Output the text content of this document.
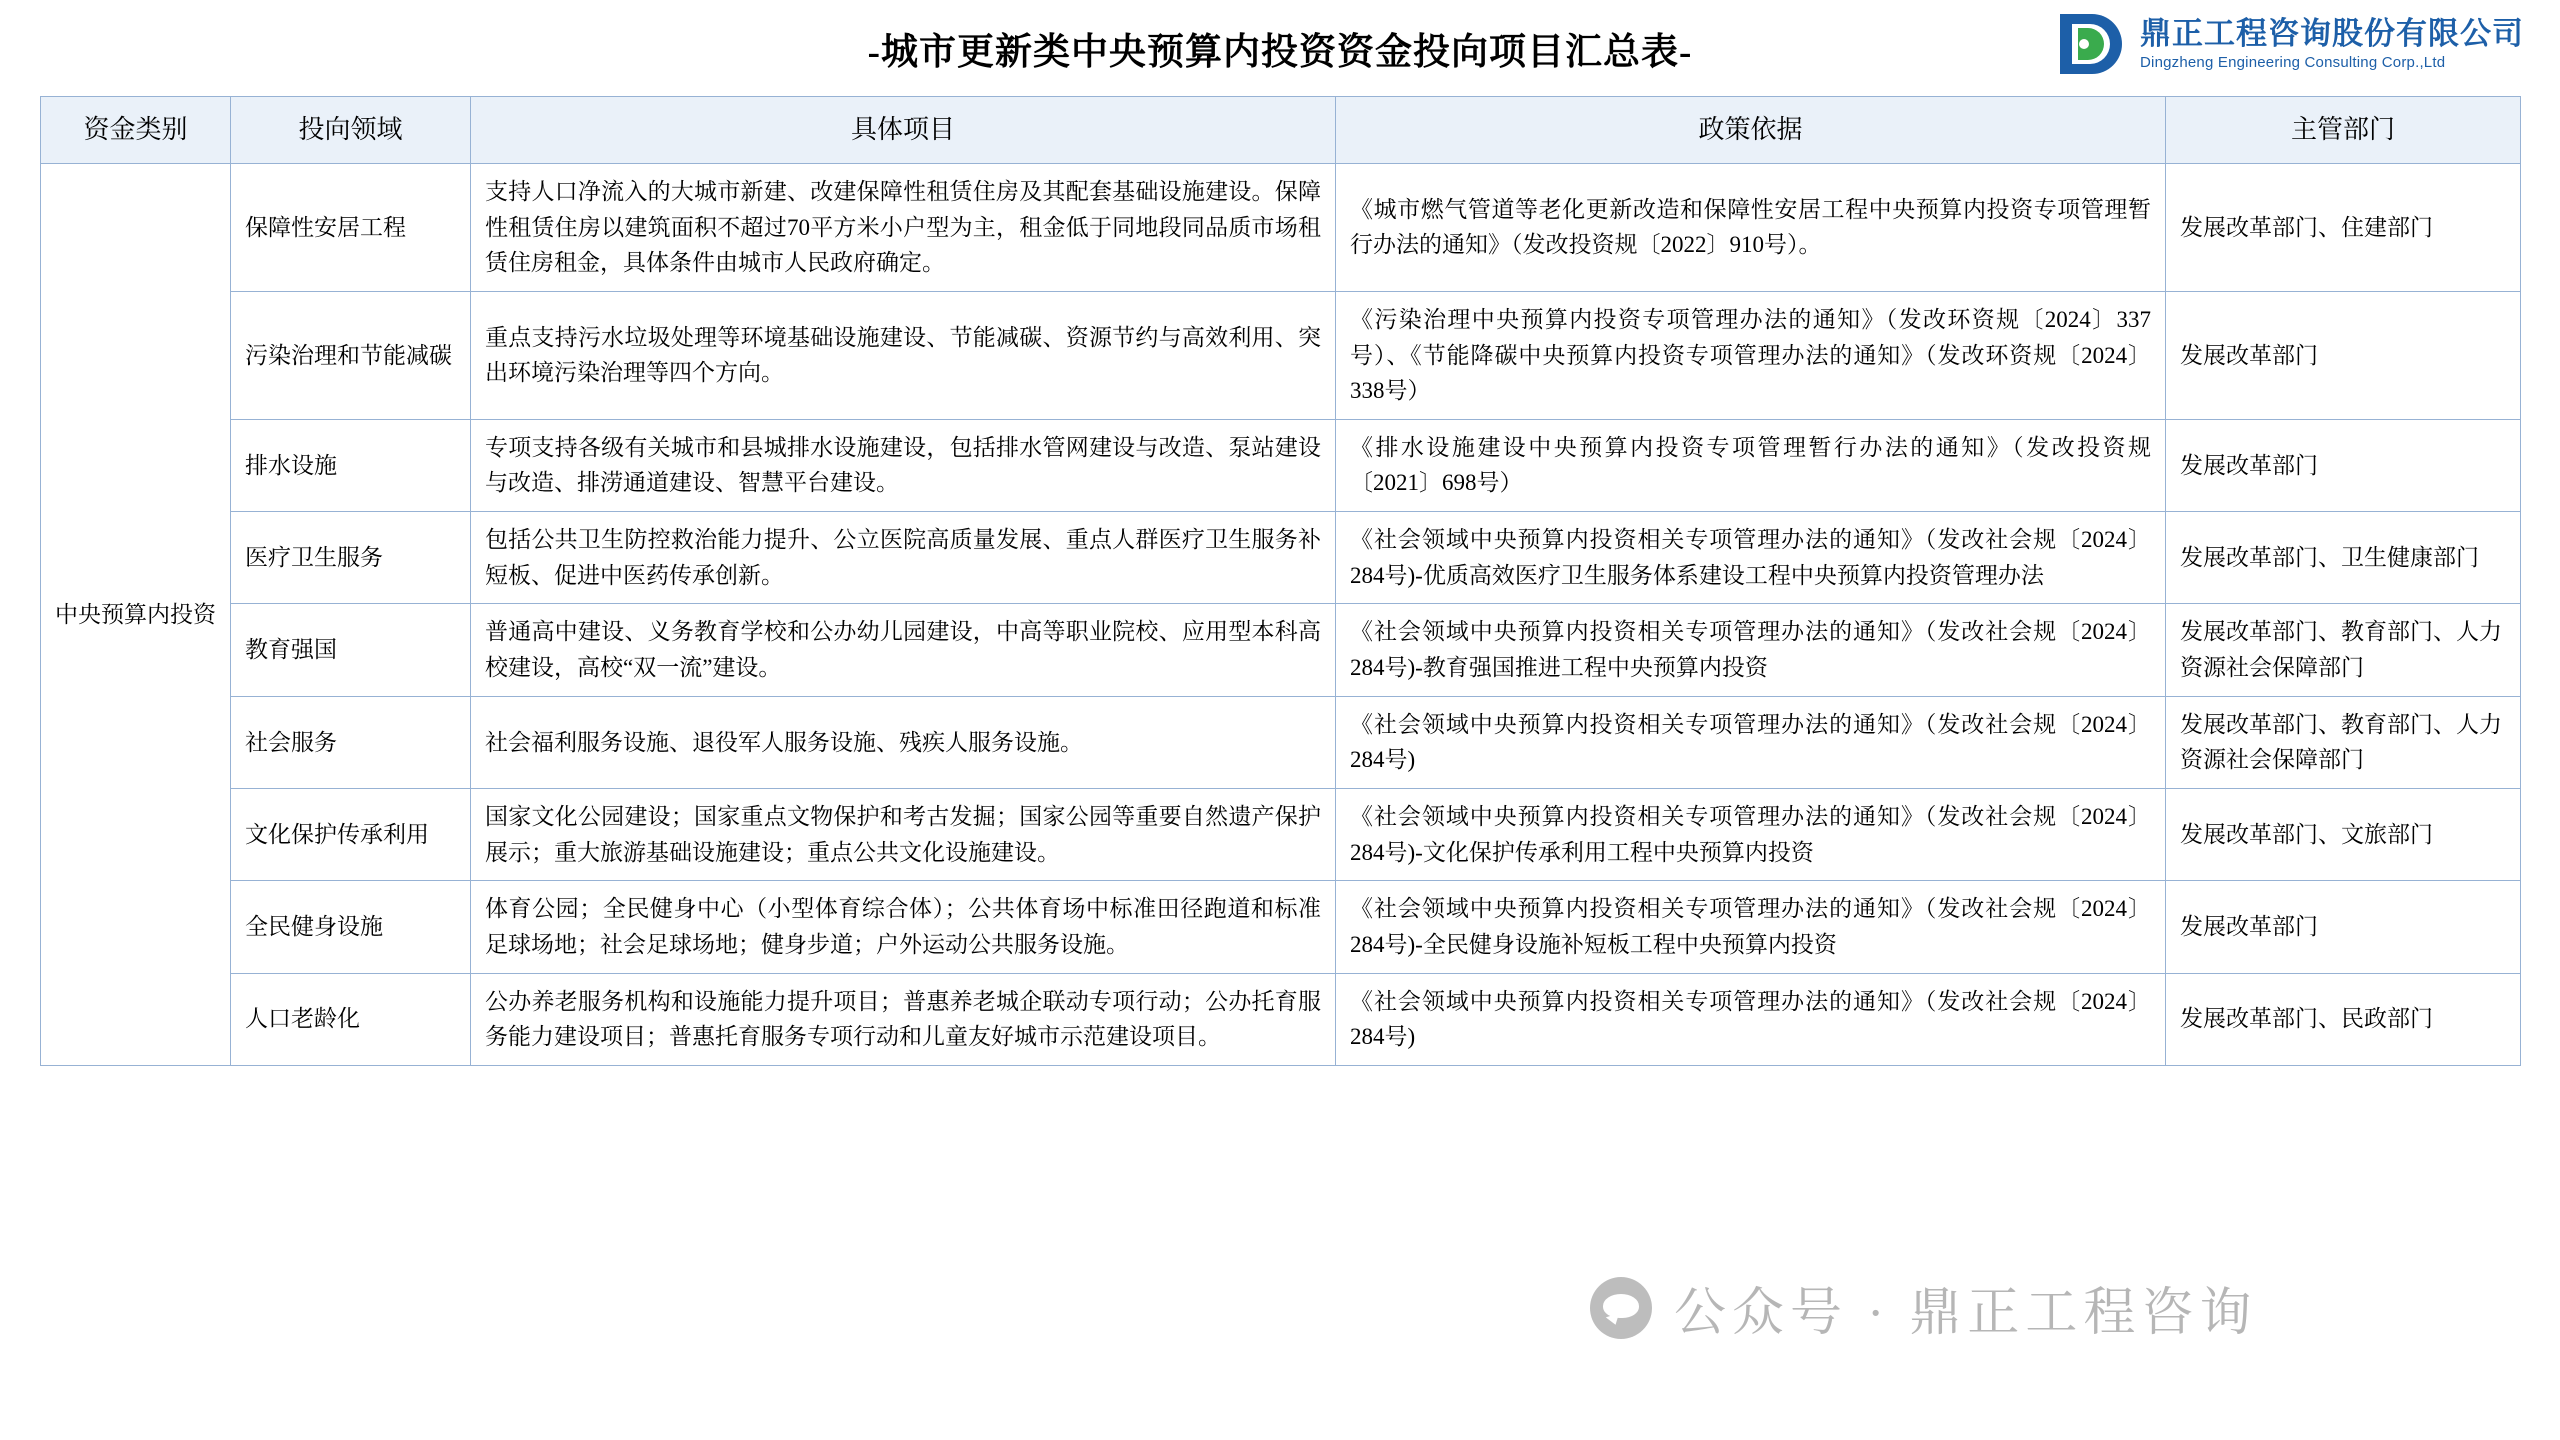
-城市更新类中央预算内投资资金投向项目汇总表-	鼎正工程咨询股份有限公司
Dingzheng Engineering Consulting Corp.,Ltd
资金类别	投向领域	具体项目	政策依据	主管部门
中央预算内投资	保障性安居工程	支持人口净流入的大城市新建、改建保障性租赁住房及其配套基础设施建设。保障性租赁住房以建筑面积不超过70平方米小户型为主，租金低于同地段同品质市场租赁住房租金，具体条件由城市人民政府确定。	《城市燃气管道等老化更新改造和保障性安居工程中央预算内投资专项管理暂行办法的通知》（发改投资规〔2022〕910号）。	发展改革部门、住建部门
	污染治理和节能减碳	重点支持污水垃圾处理等环境基础设施建设、节能减碳、资源节约与高效利用、突出环境污染治理等四个方向。	《污染治理中央预算内投资专项管理办法的通知》（发改环资规〔2024〕337号）、《节能降碳中央预算内投资专项管理办法的通知》（发改环资规〔2024〕338号）	发展改革部门
	排水设施	专项支持各级有关城市和县城排水设施建设，包括排水管网建设与改造、泵站建设与改造、排涝通道建设、智慧平台建设。	《排水设施建设中央预算内投资专项管理暂行办法的通知》（发改投资规〔2021〕698号）	发展改革部门
	医疗卫生服务	包括公共卫生防控救治能力提升、公立医院高质量发展、重点人群医疗卫生服务补短板、促进中医药传承创新。	《社会领域中央预算内投资相关专项管理办法的通知》（发改社会规〔2024〕284号)-优质高效医疗卫生服务体系建设工程中央预算内投资管理办法	发展改革部门、卫生健康部门
	教育强国	普通高中建设、义务教育学校和公办幼儿园建设，中高等职业院校、应用型本科高校建设，高校“双一流”建设。	《社会领域中央预算内投资相关专项管理办法的通知》（发改社会规〔2024〕284号)-教育强国推进工程中央预算内投资	发展改革部门、教育部门、人力资源社会保障部门
	社会服务	社会福利服务设施、退役军人服务设施、残疾人服务设施。	《社会领域中央预算内投资相关专项管理办法的通知》（发改社会规〔2024〕284号)	发展改革部门、教育部门、人力资源社会保障部门
	文化保护传承利用	国家文化公园建设；国家重点文物保护和考古发掘；国家公园等重要自然遗产保护展示；重大旅游基础设施建设；重点公共文化设施建设。	《社会领域中央预算内投资相关专项管理办法的通知》（发改社会规〔2024〕284号)-文化保护传承利用工程中央预算内投资	发展改革部门、文旅部门
	全民健身设施	体育公园；全民健身中心（小型体育综合体）；公共体育场中标准田径跑道和标准足球场地；社会足球场地；健身步道；户外运动公共服务设施。	《社会领域中央预算内投资相关专项管理办法的通知》（发改社会规〔2024〕284号)-全民健身设施补短板工程中央预算内投资	发展改革部门
	人口老龄化	公办养老服务机构和设施能力提升项目；普惠养老城企联动专项行动；公办托育服务能力建设项目；普惠托育服务专项行动和儿童友好城市示范建设项目。	《社会领域中央预算内投资相关专项管理办法的通知》（发改社会规〔2024〕284号)	发展改革部门、民政部门
公众号 · 鼎正工程咨询
